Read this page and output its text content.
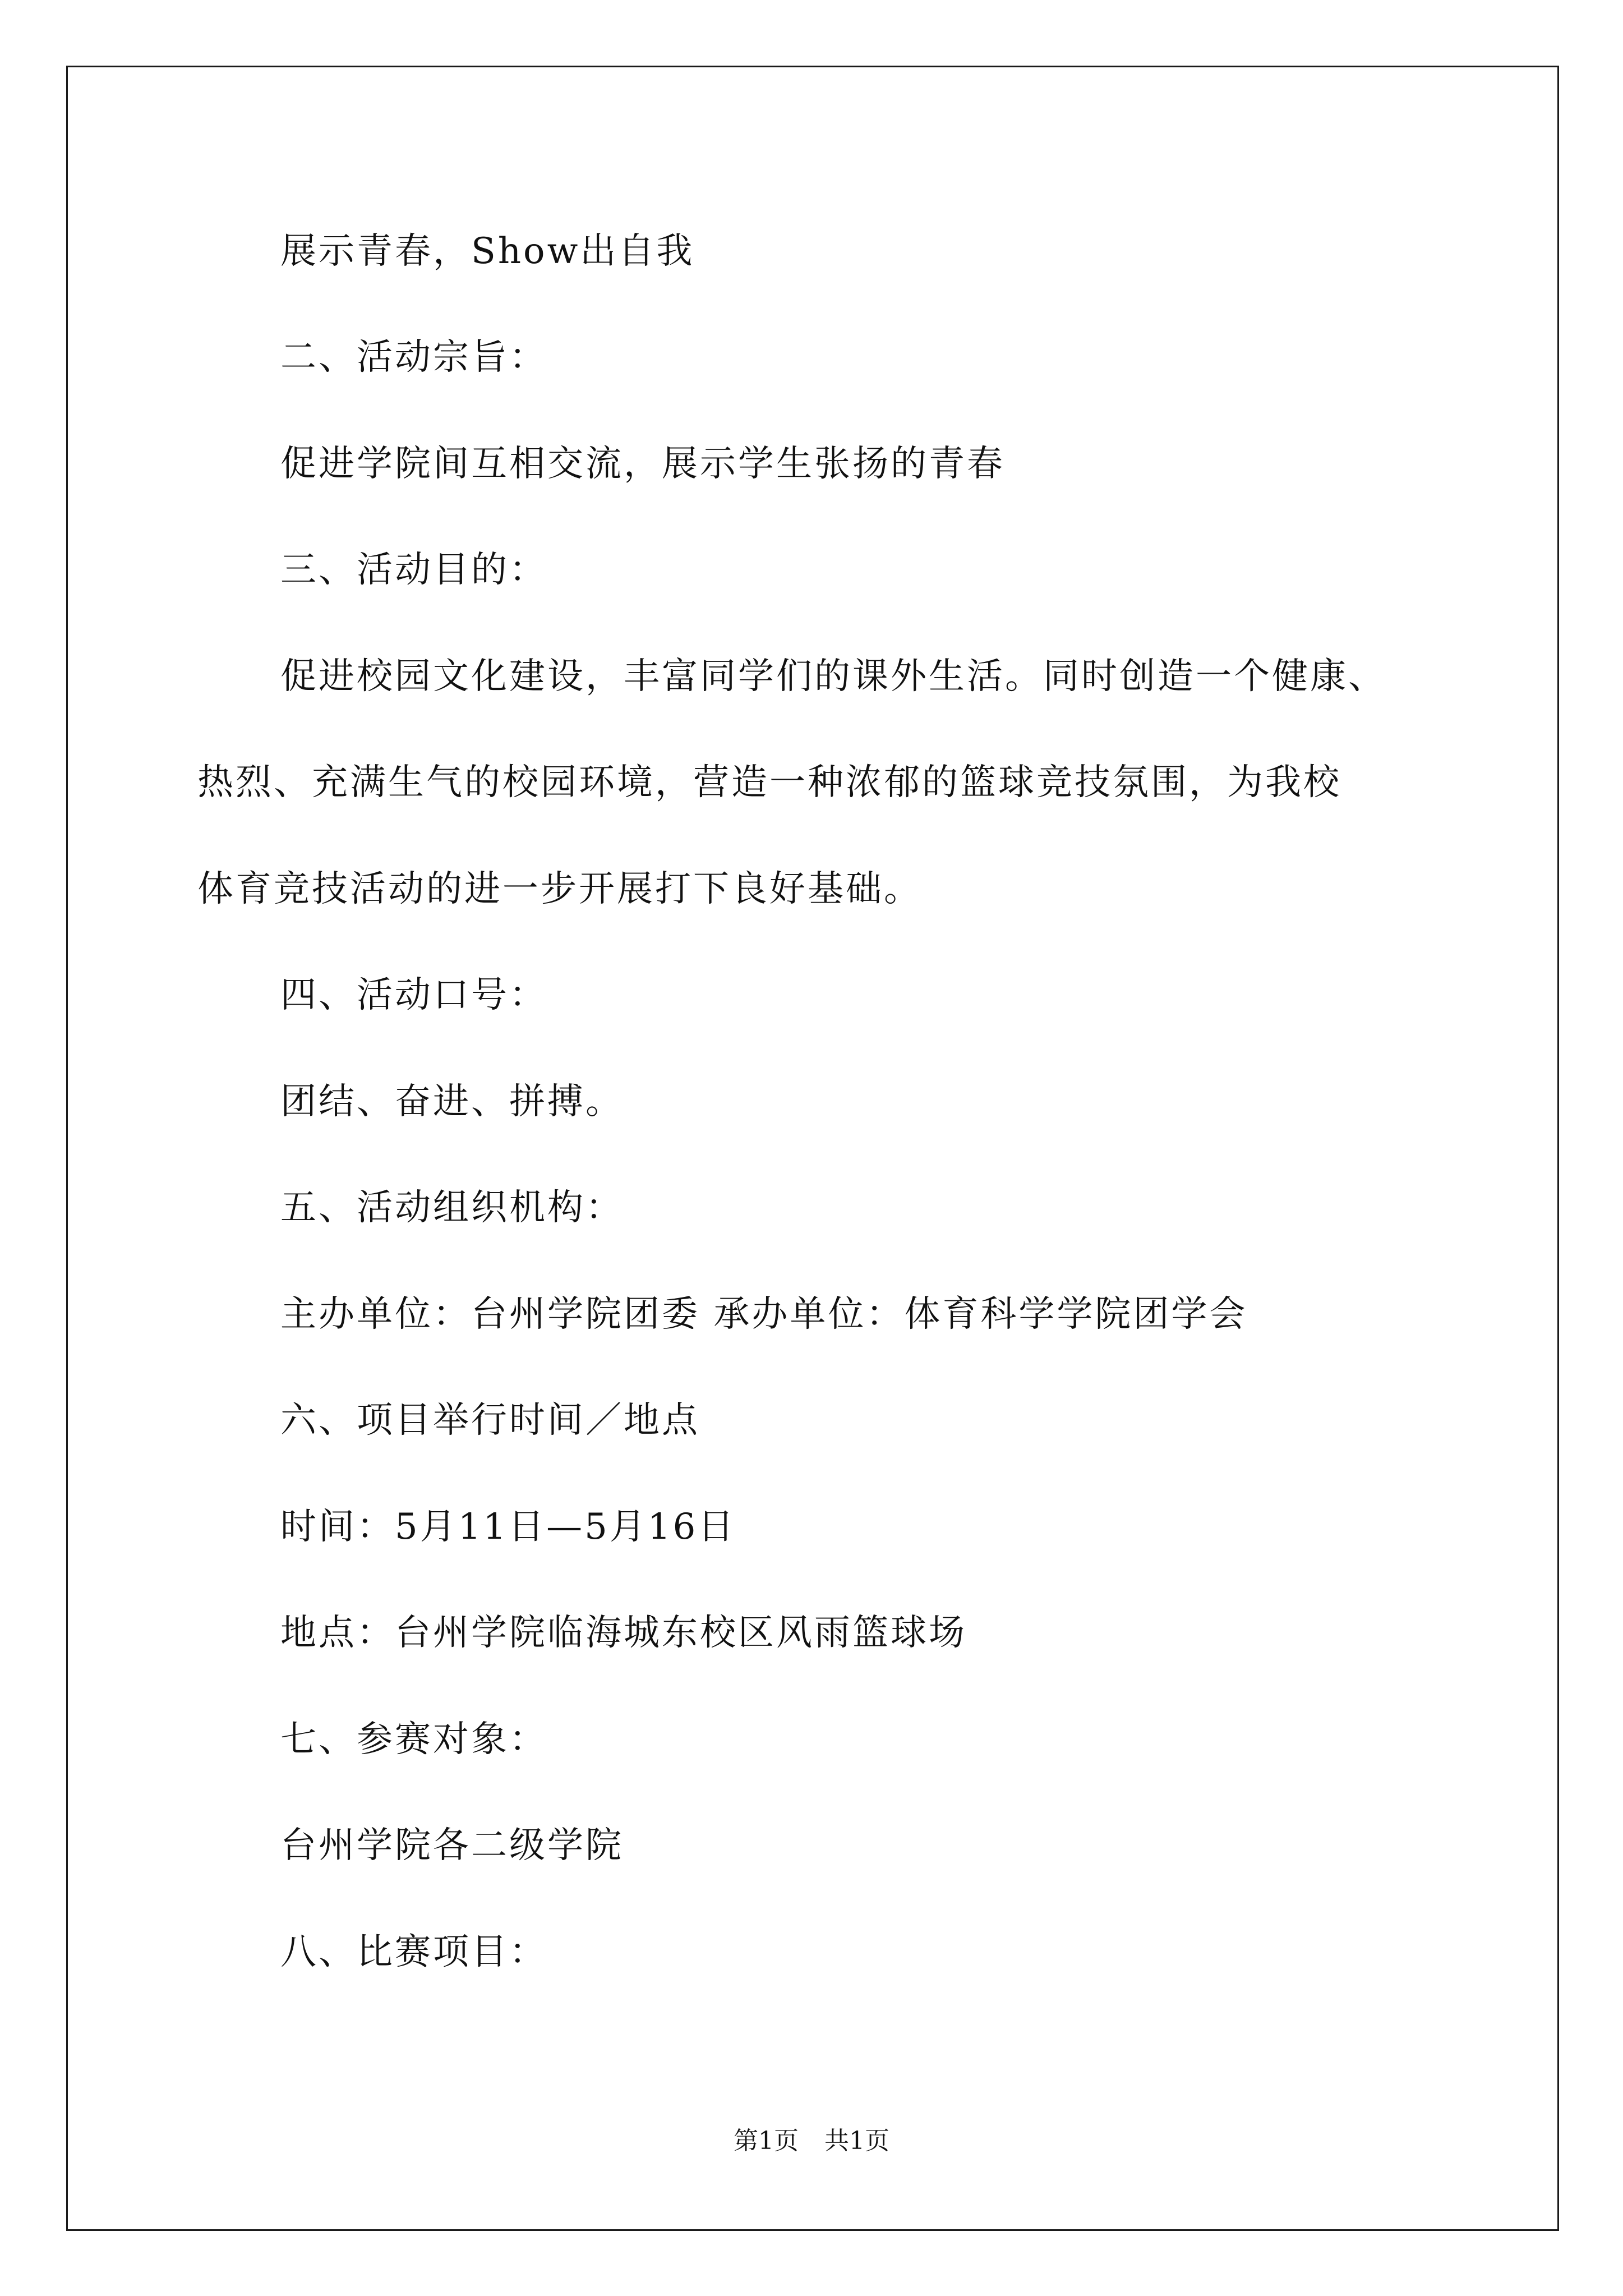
展示青春，Show出自我
二、活动宗旨：
促进学院间互相交流，展示学生张扬的青春
三、活动目的：
促进校园文化建设，丰富同学们的课外生活。同时创造一个健康、
热烈、充满生气的校园环境，营造一种浓郁的篮球竞技氛围，为我校
体育竞技活动的进一步开展打下良好基础。
四、活动口号：
团结、奋进、拼搏。
五、活动组织机构：
主办单位：台州学院团委 承办单位：体育科学学院团学会
六、项目举行时间／地点
时间：5月11日—5月16日
地点：台州学院临海城东校区风雨篮球场
七、参赛对象：
台州学院各二级学院
八、比赛项目：
第1页 共1页
